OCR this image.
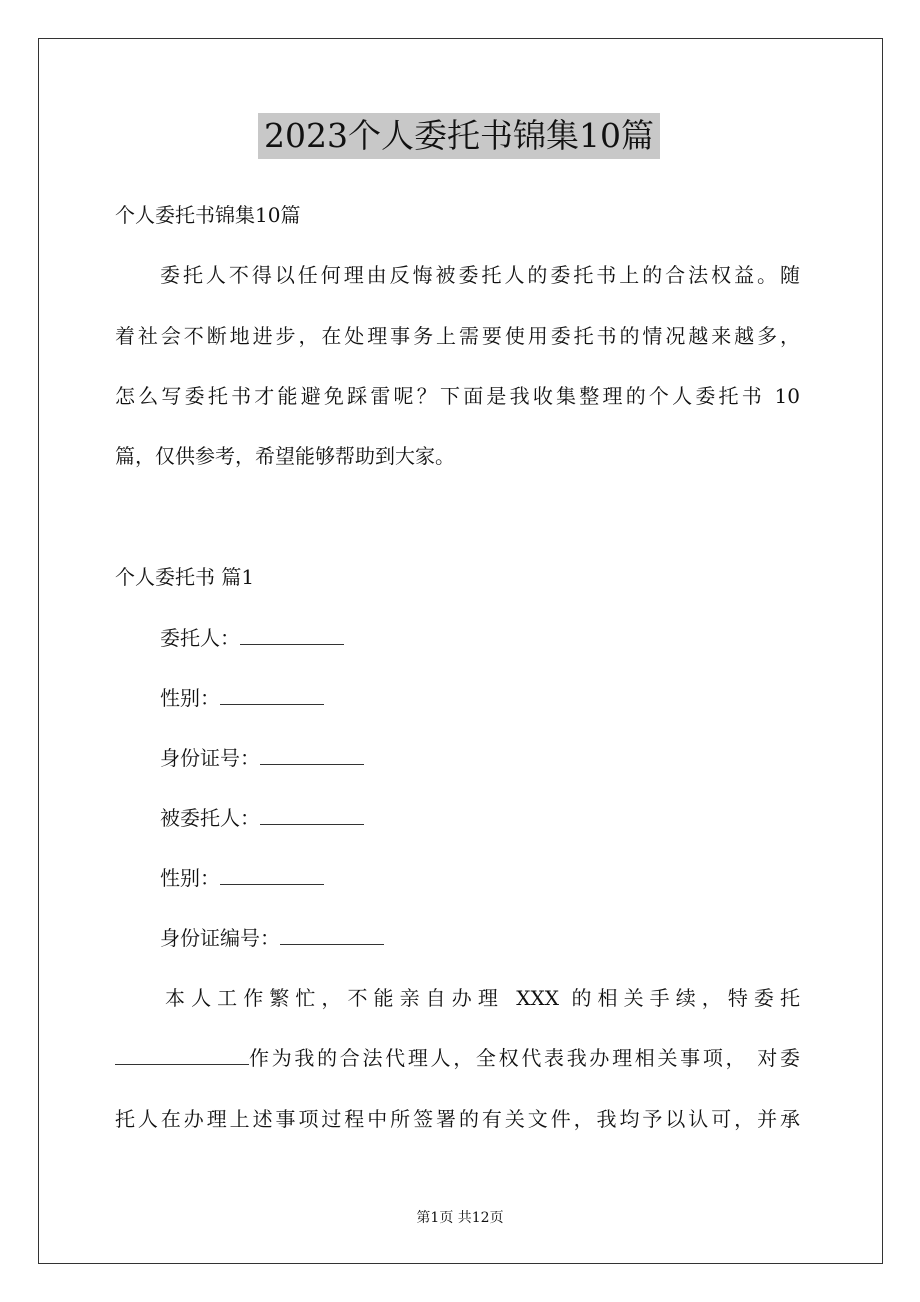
2023个人委托书锦集10篇
个人委托书锦集10篇
委托人不得以任何理由反悔被委托人的委托书上的合法权益。随
着社会不断地进步，在处理事务上需要使用委托书的情况越来越多，
怎么写委托书才能避免踩雷呢？下面是我收集整理的个人委托书 10
篇，仅供参考，希望能够帮助到大家。
个人委托书 篇1
委托人：
性别：
身份证号：
被委托人：
性别：
身份证编号：
本人工作繁忙，不能亲自办理 XXX 的相关手续，特委托
作为我的合法代理人，全权代表我办理相关事项， 对委
托人在办理上述事项过程中所签署的有关文件，我均予以认可，并承
第1页 共12页
